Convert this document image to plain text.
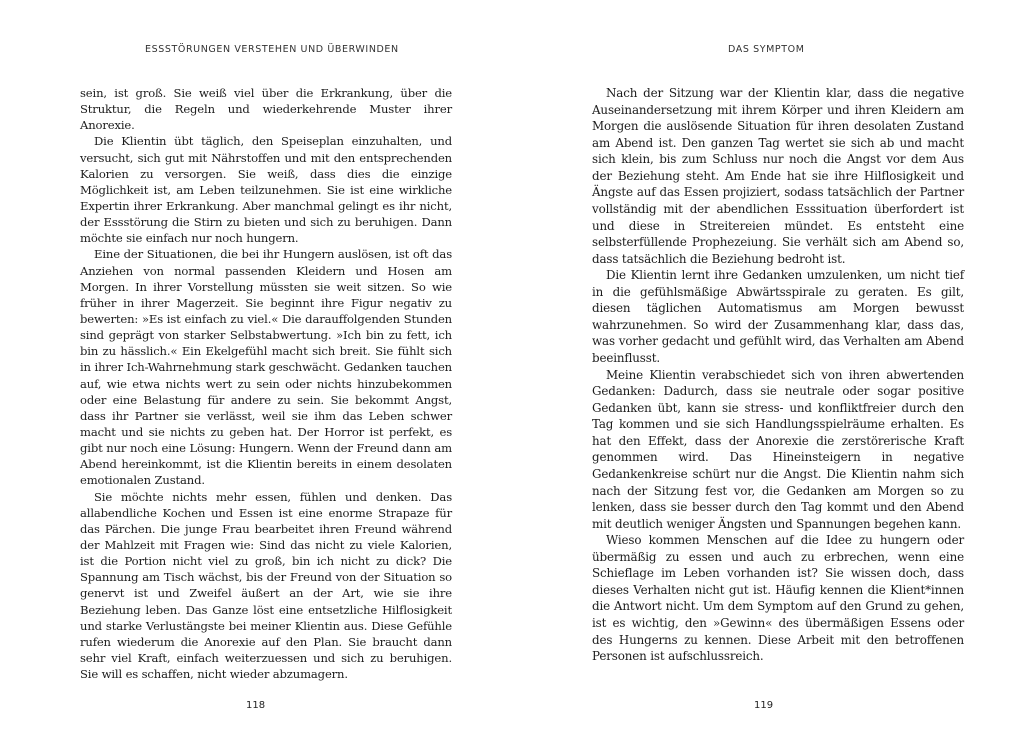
ESSSTÖRUNGEN VERSTEHEN UND ÜBERWINDEN

sein, ist groß. Sie weiß viel über die Erkrankung, über die Struktur, die Regeln und wiederkehrende Muster ihrer Anorexie.

Die Klientin übt täglich, den Speiseplan einzuhalten, und versucht, sich gut mit Nährstoffen und mit den entsprechenden Kalorien zu versorgen. Sie weiß, dass dies die einzige Möglichkeit ist, am Leben teilzunehmen. Sie ist eine wirkliche Expertin ihrer Erkrankung. Aber manchmal gelingt es ihr nicht, der Essstörung die Stirn zu bieten und sich zu beruhigen. Dann möchte sie einfach nur noch hungern.

Eine der Situationen, die bei ihr Hungern auslösen, ist oft das Anziehen von normal passenden Kleidern und Hosen am Morgen. In ihrer Vorstellung müssten sie weit sitzen. So wie früher in ihrer Magerzeit. Sie beginnt ihre Figur negativ zu bewerten: »Es ist einfach zu viel.« Die darauffolgenden Stunden sind geprägt von starker Selbstabwertung. »Ich bin zu fett, ich bin zu hässlich.« Ein Ekelgefühl macht sich breit. Sie fühlt sich in ihrer Ich-Wahrnehmung stark geschwächt. Gedanken tauchen auf, wie etwa nichts wert zu sein oder nichts hinzubekommen oder eine Belastung für andere zu sein. Sie bekommt Angst, dass ihr Partner sie verlässt, weil sie ihm das Leben schwer macht und sie nichts zu geben hat. Der Horror ist perfekt, es gibt nur noch eine Lösung: Hungern. Wenn der Freund dann am Abend hereinkommt, ist die Klientin bereits in einem desolaten emotionalen Zustand.

Sie möchte nichts mehr essen, fühlen und denken. Das allabendliche Kochen und Essen ist eine enorme Strapaze für das Pärchen. Die junge Frau bearbeitet ihren Freund während der Mahlzeit mit Fragen wie: Sind das nicht zu viele Kalorien, ist die Portion nicht viel zu groß, bin ich nicht zu dick? Die Spannung am Tisch wächst, bis der Freund von der Situation so genervt ist und Zweifel äußert an der Art, wie sie ihre Beziehung leben. Das Ganze löst eine entsetzliche Hilflosigkeit und starke Verlustängste bei meiner Klientin aus. Diese Gefühle rufen wiederum die Anorexie auf den Plan. Sie braucht dann sehr viel Kraft, einfach weiterzuessen und sich zu beruhigen. Sie will es schaffen, nicht wieder abzumagern.

118
DAS SYMPTOM

Nach der Sitzung war der Klientin klar, dass die negative Auseinandersetzung mit ihrem Körper und ihren Kleidern am Morgen die auslösende Situation für ihren desolaten Zustand am Abend ist. Den ganzen Tag wertet sie sich ab und macht sich klein, bis zum Schluss nur noch die Angst vor dem Aus der Beziehung steht. Am Ende hat sie ihre Hilflosigkeit und Ängste auf das Essen projiziert, sodass tatsächlich der Partner vollständig mit der abendlichen Esssituation überfordert ist und diese in Streitereien mündet. Es entsteht eine selbsterfüllende Prophezeiung. Sie verhält sich am Abend so, dass tatsächlich die Beziehung bedroht ist.

Die Klientin lernt ihre Gedanken umzulenken, um nicht tief in die gefühlsmäßige Abwärtsspirale zu geraten. Es gilt, diesen täglichen Automatismus am Morgen bewusst wahrzunehmen. So wird der Zusammenhang klar, dass das, was vorher gedacht und gefühlt wird, das Verhalten am Abend beeinflusst.

Meine Klientin verabschiedet sich von ihren abwertenden Gedanken: Dadurch, dass sie neutrale oder sogar positive Gedanken übt, kann sie stress- und konfliktfreier durch den Tag kommen und sie sich Handlungsspielräume erhalten. Es hat den Effekt, dass der Anorexie die zerstörerische Kraft genommen wird. Das Hineinsteigern in negative Gedankenkreise schürt nur die Angst. Die Klientin nahm sich nach der Sitzung fest vor, die Gedanken am Morgen so zu lenken, dass sie besser durch den Tag kommt und den Abend mit deutlich weniger Ängsten und Spannungen begehen kann.

Wieso kommen Menschen auf die Idee zu hungern oder übermäßig zu essen und auch zu erbrechen, wenn eine Schieflage im Leben vorhanden ist? Sie wissen doch, dass dieses Verhalten nicht gut ist. Häufig kennen die Klient*innen die Antwort nicht. Um dem Symptom auf den Grund zu gehen, ist es wichtig, den »Gewinn« des übermäßigen Essens oder des Hungerns zu kennen. Diese Arbeit mit den betroffenen Personen ist aufschlussreich.

119
